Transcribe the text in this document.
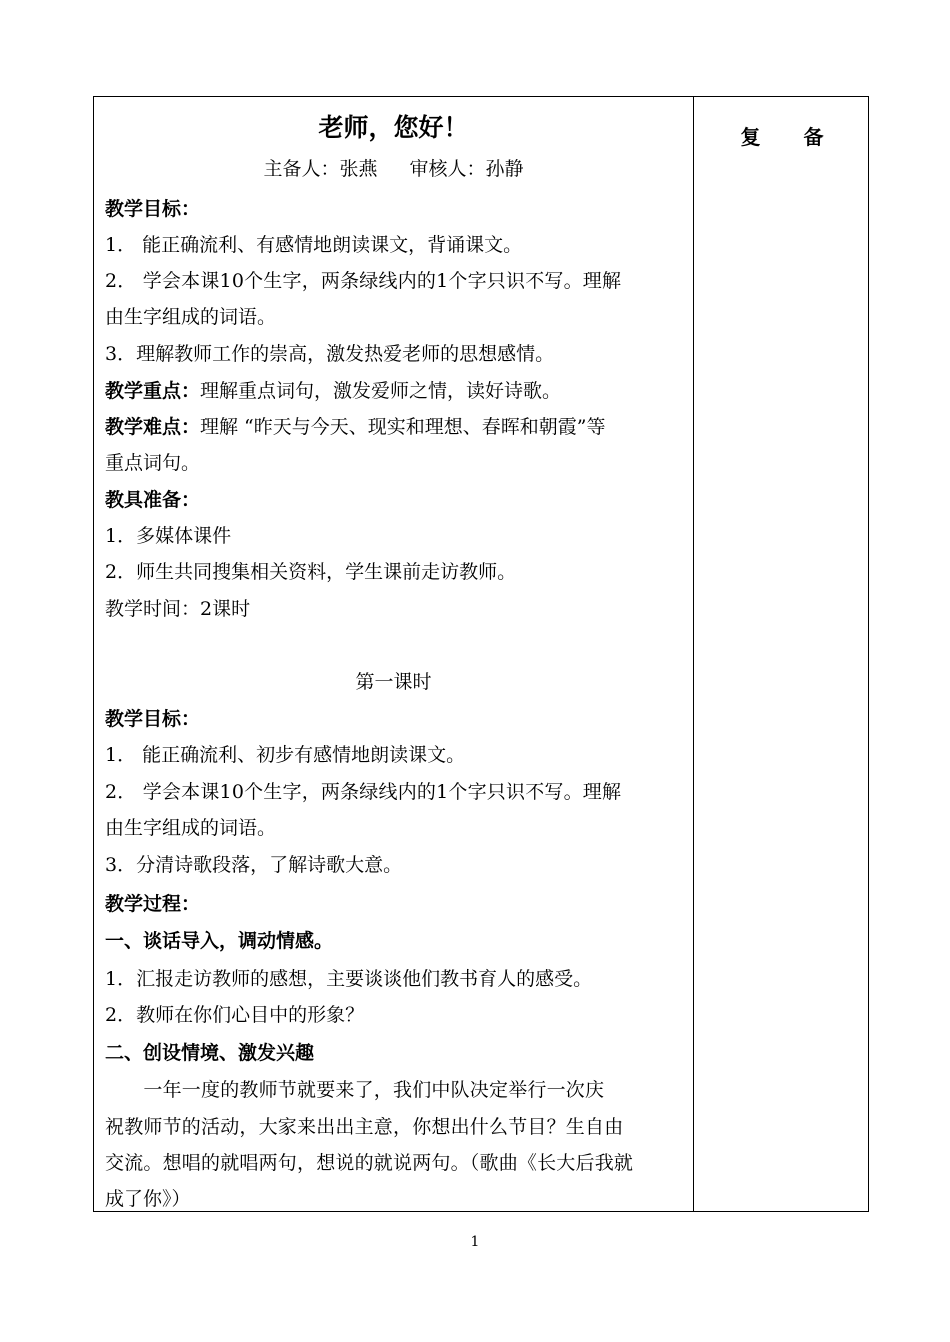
老师，您好！
主备人：张燕 审核人：孙静
教学目标：
1． 能正确流利、有感情地朗读课文，背诵课文。
2． 学会本课10个生字，两条绿线内的1个字只识不写。理解
由生字组成的词语。
3．理解教师工作的崇高，激发热爱老师的思想感情。
教学重点：理解重点词句，激发爱师之情，读好诗歌。
教学难点：理解 “昨天与今天、现实和理想、春晖和朝霞”等
重点词句。
教具准备：
1．多媒体课件
2．师生共同搜集相关资料，学生课前走访教师。
教学时间：2课时
第一课时
教学目标：
1． 能正确流利、初步有感情地朗读课文。
2． 学会本课10个生字，两条绿线内的1个字只识不写。理解
由生字组成的词语。
3．分清诗歌段落，了解诗歌大意。
教学过程：
一、谈话导入，调动情感。
1．汇报走访教师的感想，主要谈谈他们教书育人的感受。
2．教师在你们心目中的形象？
二、创设情境、激发兴趣
　　一年一度的教师节就要来了，我们中队决定举行一次庆
祝教师节的活动，大家来出出主意，你想出什么节目？生自由
交流。想唱的就唱两句，想说的就说两句。（歌曲《长大后我就
成了你》）
复 备
1
